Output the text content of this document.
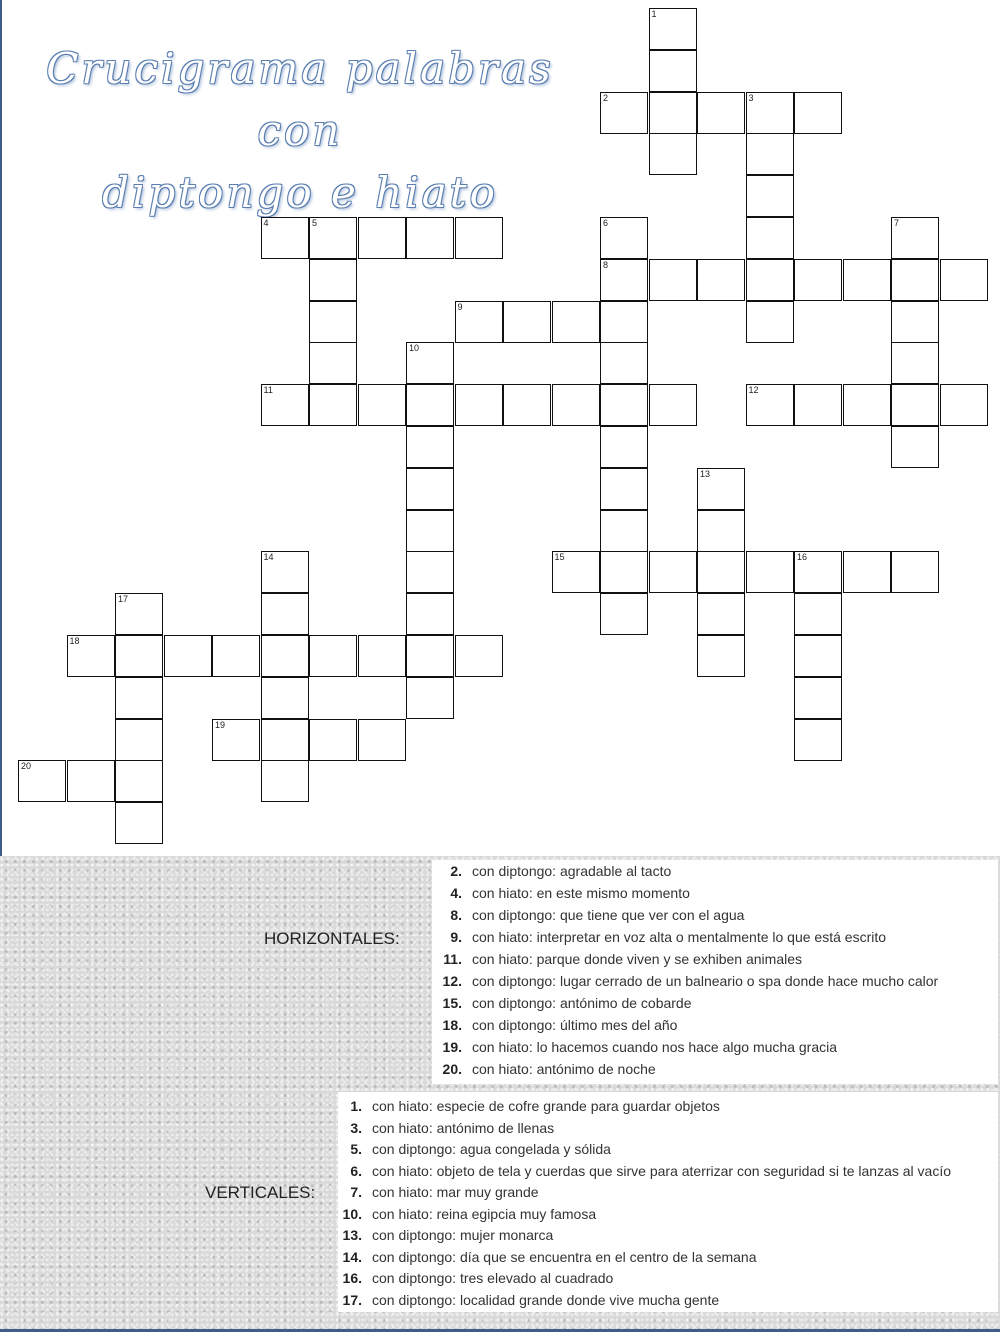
Crucigrama palabras con
diptongo e hiato
1
2	3
4	5	6
8
7
9
10
11	12
13
14	15	16
17
18
19
20
HORIZONTALES:
VERTICALES:
2. con diptongo: agradable al tacto
4. con hiato: en este mismo momento
8. con diptongo: que tiene que ver con el agua
9. con hiato: interpretar en voz alta o mentalmente lo que está escrito
11. con hiato: parque donde viven y se exhiben animales
12. con diptongo: lugar cerrado de un balneario o spa donde hace mucho calor
15. con diptongo: antónimo de cobarde
18. con diptongo: último mes del año
19. con hiato: lo hacemos cuando nos hace algo mucha gracia
20. con hiato: antónimo de noche
1. con hiato: especie de cofre grande para guardar objetos
3. con hiato: antónimo de llenas
5. con diptongo: agua congelada y sólida
6. con hiato: objeto de tela y cuerdas que sirve para aterrizar con seguridad si te lanzas al vacío
7. con hiato: mar muy grande
10. con hiato: reina egipcia muy famosa
13. con diptongo: mujer monarca
14. con diptongo: día que se encuentra en el centro de la semana
16. con diptongo: tres elevado al cuadrado
17. con diptongo: localidad grande donde vive mucha gente
